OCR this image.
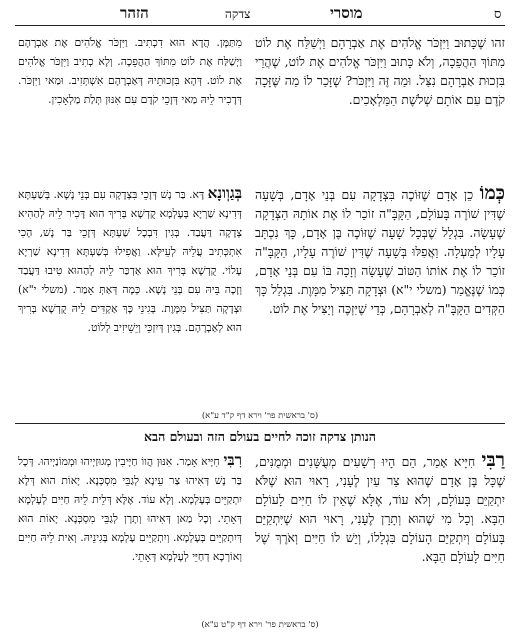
ס
מוסרי
צדקה
הזהר

זהו שֶׁכָּתוּב וַיִּזְכֹּר אֱלֹהִים אֶת אַבְרָהָם וַיְשַׁלַּח אֶת לוֹט מִתּוֹךְ הַהֲפֵכָה, וְלֹא כָּתוּב וַיִּזְכֹּר אֱלֹהִים אֶת לוֹט, שֶׁהֲרֵי בִּזְכוּת אַבְרָהָם נִצַּל. וּמַה זֶּה וַיִּזְכֹּר? שֶׁזָּכַר לוֹ מַה שֶּׁזָּכָה קֹדֶם עִם אוֹתָם שְׁלֹשֶׁת הַמַּלְאָכִים.

מִתַּמָּן. הֲדָא הוּא דִכְתִיב. וַיִּזְכֹּר אֱלֹהִים אֶת אַבְרָהָם וַיְשַׁלַּח אֶת לוֹט מִתּוֹךְ הַהֲפֵכָה. וְלָא כְתִיב וַיִּזְכֹּר אֱלֹהִים אֶת לוֹט. דְּהָא בִּזְכוּתֵיהּ דְּאַבְרָהָם אִשְׁתְּזִיב. וּמַאי וַיִּזְכֹּר. דְּדָכִיר לֵיהּ מַאי דְּזָכֵי קֹדֶם עִם אִנּוּן תְּלַת מַלְאָכִין.

כְּמוֹ כֵן אָדָם שֶׁזּוֹכֶה בִּצְדָקָה עִם בְּנֵי אָדָם, בְּשָׁעָה שֶׁדִּין שׁוֹרֶה בָּעוֹלָם, הַקָּבָּ"ה זוֹכֵר לוֹ אֶת אוֹתָהּ הַצְּדָקָה שֶׁעָשָׂה. בִּגְלַל שֶׁבְּכָל שָׁעָה שֶׁזּוֹכֶה בֶּן אָדָם, כָּךְ נִכְתָּב עָלָיו לְמַעְלָה. וַאֲפִלּוּ בְּשָׁעָה שֶׁדִּין שׁוֹרֶה עָלָיו, הַקָּבָּ"ה זוֹכֵר לוֹ אֶת אוֹתוֹ הַטּוֹב שֶׁעָשָׂה וְזָכָה בּוֹ עִם בְּנֵי אָדָם, כְּמוֹ שֶׁנֶּאֱמַר (משלי י"א) וּצְדָקָה תַּצִּיל מִמָּוֶת. בִּגְלַל כָּךְ הַקְּדִים הַקָּבָּ"ה לְאַבְרָהָם, כְּדֵי שֶׁיִּזְכֶּה וְיַצִּיל אֶת לוֹט.

בְּגַוְונָא דָּא. בַּר נָשׁ דְּזָכֵי בִּצְדָקָה עִם בְּנֵי נָשָׁא. בְּשַׁעְתָּא דְּדִינָא שַׁרְיָא בְּעָלְמָא קֻדְשָׁא בְּרִיךְ הוּא דָּכִיר לֵיהּ לְהַהִיא צְדָקָה דַּעֲבַד. בְּגִין דִּבְכָל שַׁעְתָּא דְּזָכֵי בַּר נָשׁ, הָכִי אִתְכְּתִיב עֲלֵיהּ לְעֵילָּא. וַאֲפִילוּ בְּשַׁעְתָּא דְּדִינָא שַׁרְיָא עָלוֹי. קֻדְשָׁא בְּרִיךְ הוּא אַדְכַּר לֵיהּ לְהַהוּא טִיבוּ דַּעֲבַד וְזָכָה בֵּיהּ עִם בְּנֵי נָשָׁא. כְּמָה דְּאַתְּ אָמַר. (משלי י"א) וּצְדָקָה תַּצִּיל מִמָּוֶת. בְּגִינֵי כָּךְ אַקְדִּים לֵיהּ קֻדְשָׁא בְּרִיךְ הוּא לְאַבְרָהָם. בְּגִין דְּיִזְכֵּי וְיֵשֵׁיזִיב לְלוֹט.

(ס' בראשית פר' וירא דף ק"ד ע"א)
הנותן צדקה זוכה לחיים בעולם הזה ובעולם הבא

רַבִּי חִיָּיא אָמַר, הֵם הָיוּ רְשָׁעִים מְעֻשָּׁנִים וּמְמֻנִּים, שֶׁכָּל בֶּן אָדָם שֶׁהוּא צַר עַיִן לֶעָנִי, רָאוּי הוּא שֶׁלֹּא יִתְקַיֵּם בָּעוֹלָם, וְלֹא עוֹד, אֶלָּא שֶׁאֵין לוֹ חַיִּים לָעוֹלָם הַבָּא. וְכָל מִי שֶׁהוּא וְתָרָן לֶעָנִי, רָאוּי הוּא שֶׁיִּתְקַיֵּם בָּעוֹלָם וְיִתְקַיֵּם הָעוֹלָם בִּגְלָלוֹ, וְיֵשׁ לוֹ חַיִּים וְאֹרֶךְ שֶׁל חַיִּים לָעוֹלָם הַבָּא.

רִבִּי חִיָּיא אָמַר. אִנּוּן הֲווֹ חַיָּיבִין מְגוּזַיְיהוּ וּמְמוֹנַיְיהוּ. דְּכָל בַּר נָשׁ דְּאִיהוּ צַר עֵינָא לְגַבֵּי מִסְכְּנָא. יָאוֹת הוּא דְּלָא יִתְקַיֵּים בְּעָלְמָא. וְלָא עוֹד. אֶלָּא דְּלֵית לֵיהּ חַיִּים לְעָלְמָא דְּאָתֵי. וְכָל מַאן דְּאִיהוּ וְתָרָן לְגַבֵּי מִסְכְּנָא. יָאוֹת הוּא דְּיִתְקַיֵּים בְּעָלְמָא. וְיִתְקַיֵּים עָלְמָא בְּגִינֵיהּ. וְאִית לֵיהּ חַיִּים וְאוֹרְכָא דְחַיֵּי לְעָלְמָא דְּאָתֵי.

(ס' בראשית פר' וירא דף ק"ט ע"א)
